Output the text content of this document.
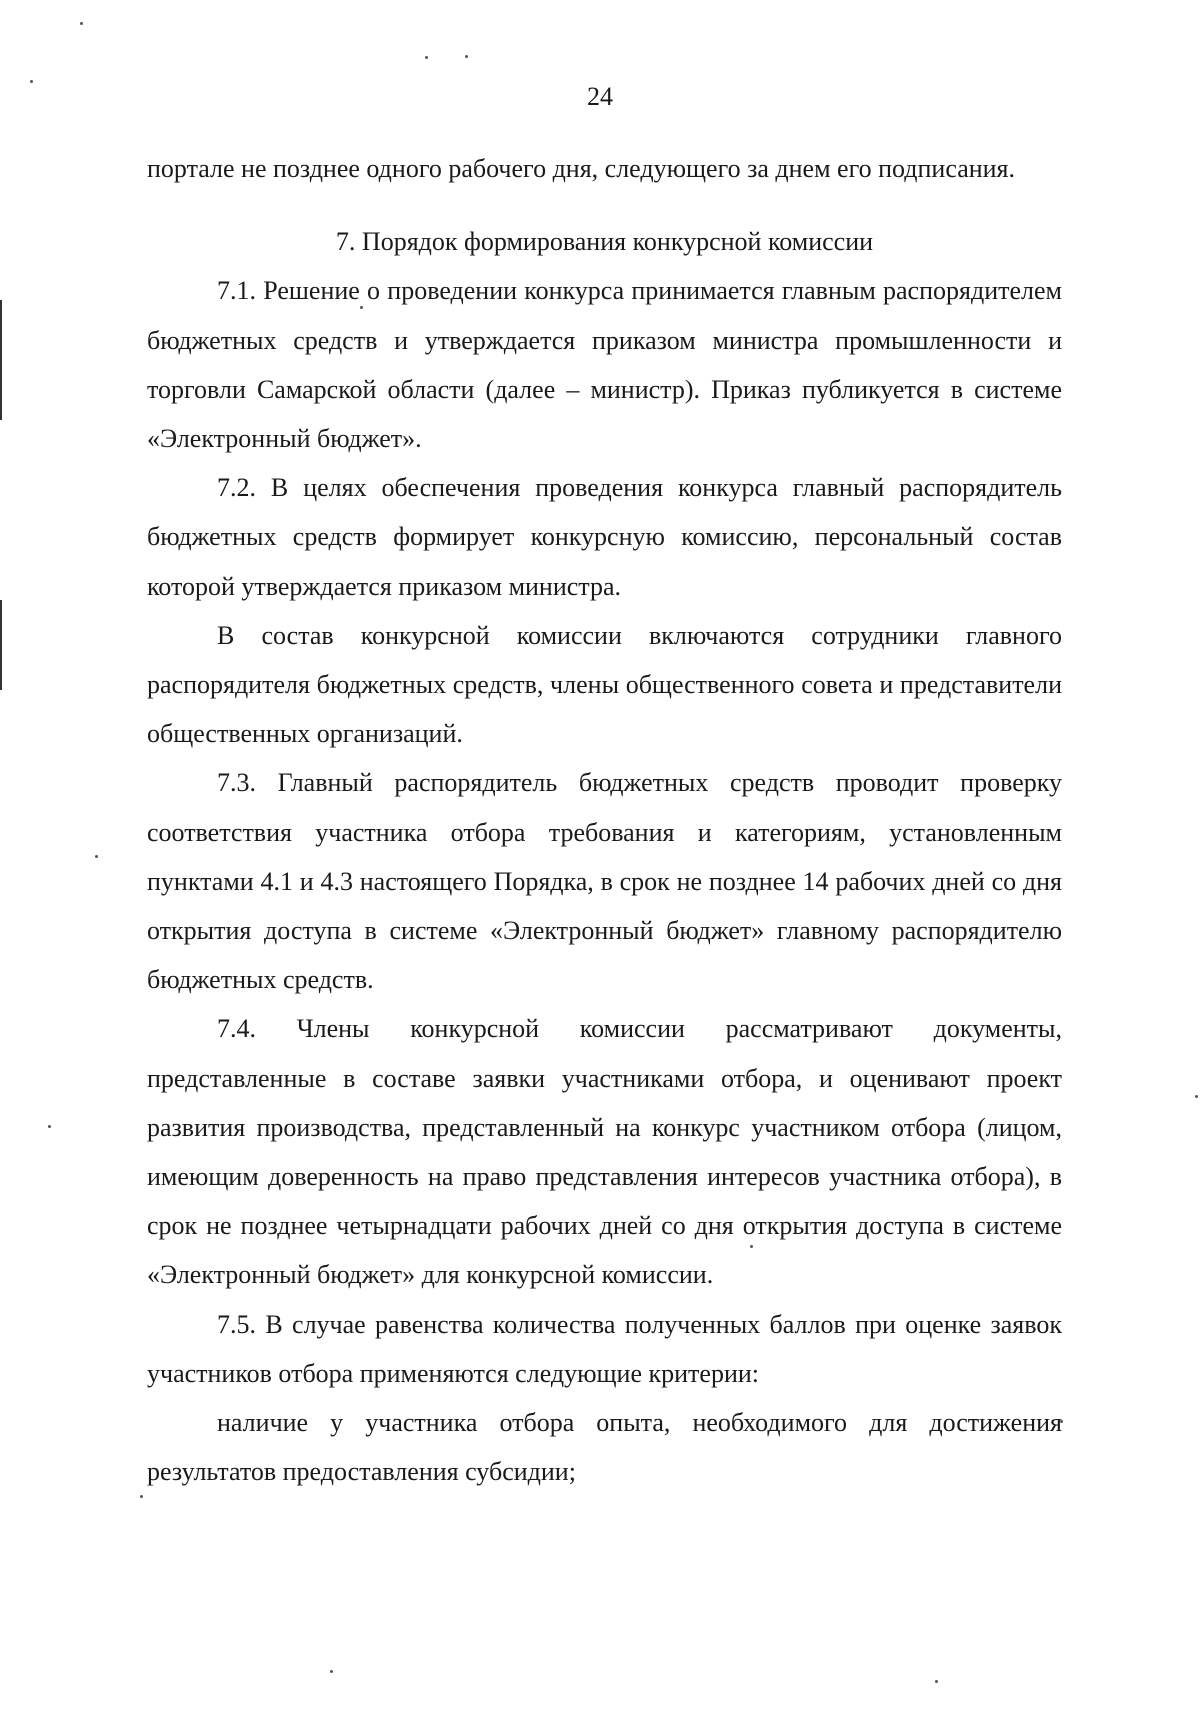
24

порталe не позднее одного рабочего дня, следующего за днем его подписания.

7. Порядок формирования конкурсной комиссии

7.1. Решение о проведении конкурса принимается главным распорядителем бюджетных средств и утверждается приказом министра промышленности и торговли Самарской области (далее – министр). Приказ публикуется в системе «Электронный бюджет».

7.2. В целях обеспечения проведения конкурса главный распорядитель бюджетных средств формирует конкурсную комиссию, персональный состав которой утверждается приказом министра.

В состав конкурсной комиссии включаются сотрудники главного распорядителя бюджетных средств, члены общественного совета и представители общественных организаций.

7.3. Главный распорядитель бюджетных средств проводит проверку соответствия участника отбора требования и категориям, установленным пунктами 4.1 и 4.3 настоящего Порядка, в срок не позднее 14 рабочих дней со дня открытия доступа в системе «Электронный бюджет» главному распорядителю бюджетных средств.

7.4. Члены конкурсной комиссии рассматривают документы, представленные в составе заявки участниками отбора, и оценивают проект развития производства, представленный на конкурс участником отбора (лицом, имеющим доверенность на право представления интересов участника отбора), в срок не позднее четырнадцати рабочих дней со дня открытия доступа в системе «Электронный бюджет» для конкурсной комиссии.

7.5. В случае равенства количества полученных баллов при оценке заявок участников отбора применяются следующие критерии:

наличие у участника отбора опыта, необходимого для достижения результатов предоставления субсидии;
